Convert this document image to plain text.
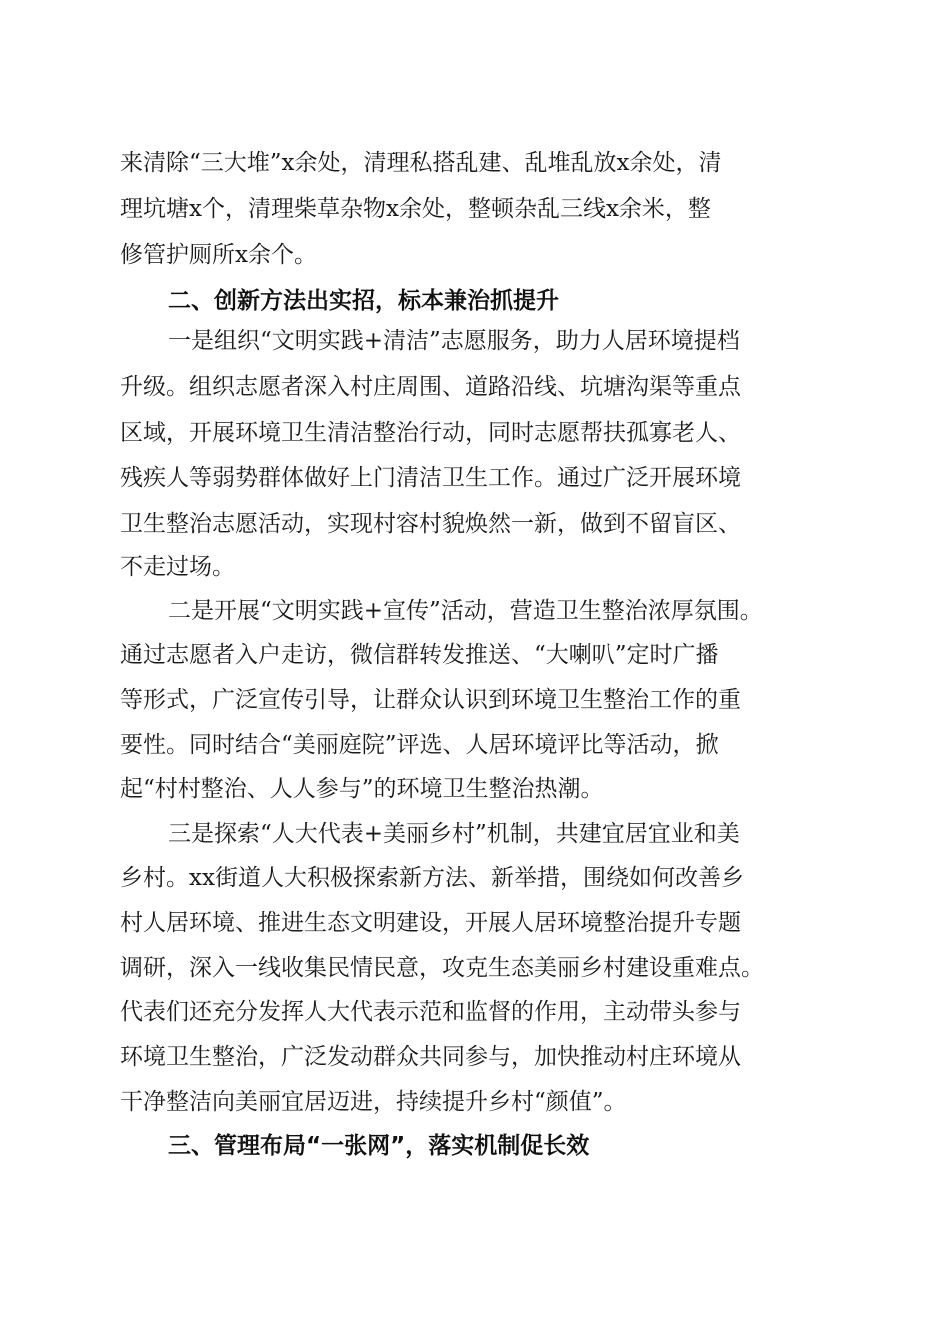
来清除“三大堆”x余处，清理私搭乱建、乱堆乱放x余处，清
理坑塘x个，清理柴草杂物x余处，整顿杂乱三线x余米，整
修管护厕所x余个。
二、创新方法出实招，标本兼治抓提升
一是组织“文明实践+清洁”志愿服务，助力人居环境提档
升级。组织志愿者深入村庄周围、道路沿线、坑塘沟渠等重点
区域，开展环境卫生清洁整治行动，同时志愿帮扶孤寡老人、
残疾人等弱势群体做好上门清洁卫生工作。通过广泛开展环境
卫生整治志愿活动，实现村容村貌焕然一新，做到不留盲区、
不走过场。
二是开展“文明实践+宣传”活动，营造卫生整治浓厚氛围。
通过志愿者入户走访，微信群转发推送、“大喇叭”定时广播
等形式，广泛宣传引导，让群众认识到环境卫生整治工作的重
要性。同时结合“美丽庭院”评选、人居环境评比等活动，掀
起“村村整治、人人参与”的环境卫生整治热潮。
三是探索“人大代表+美丽乡村”机制，共建宜居宜业和美
乡村。xx街道人大积极探索新方法、新举措，围绕如何改善乡
村人居环境、推进生态文明建设，开展人居环境整治提升专题
调研，深入一线收集民情民意，攻克生态美丽乡村建设重难点。
代表们还充分发挥人大代表示范和监督的作用，主动带头参与
环境卫生整治，广泛发动群众共同参与，加快推动村庄环境从
干净整洁向美丽宜居迈进，持续提升乡村“颜值”。
三、管理布局“一张网”，落实机制促长效
